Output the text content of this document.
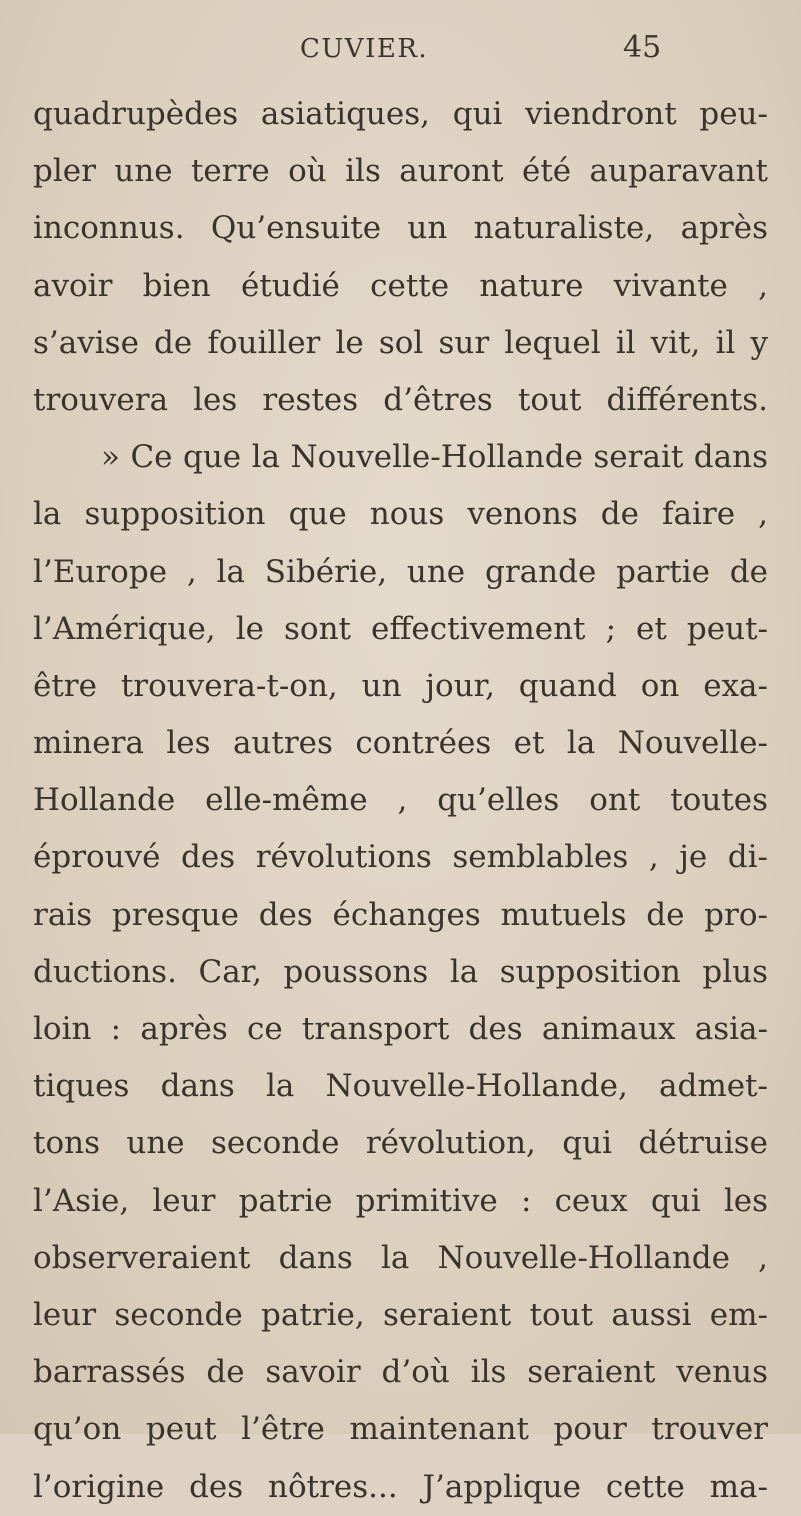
CUVIER.	45
quadrupèdes asiatiques, qui viendront peu-
pler une terre où ils auront été auparavant
inconnus. Qu’ensuite un naturaliste, après
avoir bien étudié cette nature vivante ,
s’avise de fouiller le sol sur lequel il vit, il y
trouvera les restes d’êtres tout différents.
» Ce que la Nouvelle-Hollande serait dans
la supposition que nous venons de faire ,
l’Europe , la Sibérie, une grande partie de
l’Amérique, le sont effectivement ; et peut-
être trouvera-t-on, un jour, quand on exa-
minera les autres contrées et la Nouvelle-
Hollande elle-même , qu’elles ont toutes
éprouvé des révolutions semblables , je di-
rais presque des échanges mutuels de pro-
ductions. Car, poussons la supposition plus
loin : après ce transport des animaux asia-
tiques dans la Nouvelle-Hollande, admet-
tons une seconde révolution, qui détruise
l’Asie, leur patrie primitive : ceux qui les
observeraient dans la Nouvelle-Hollande ,
leur seconde patrie, seraient tout aussi em-
barrassés de savoir d’où ils seraient venus
qu’on peut l’être maintenant pour trouver
l’origine des nôtres... J’applique cette ma-
